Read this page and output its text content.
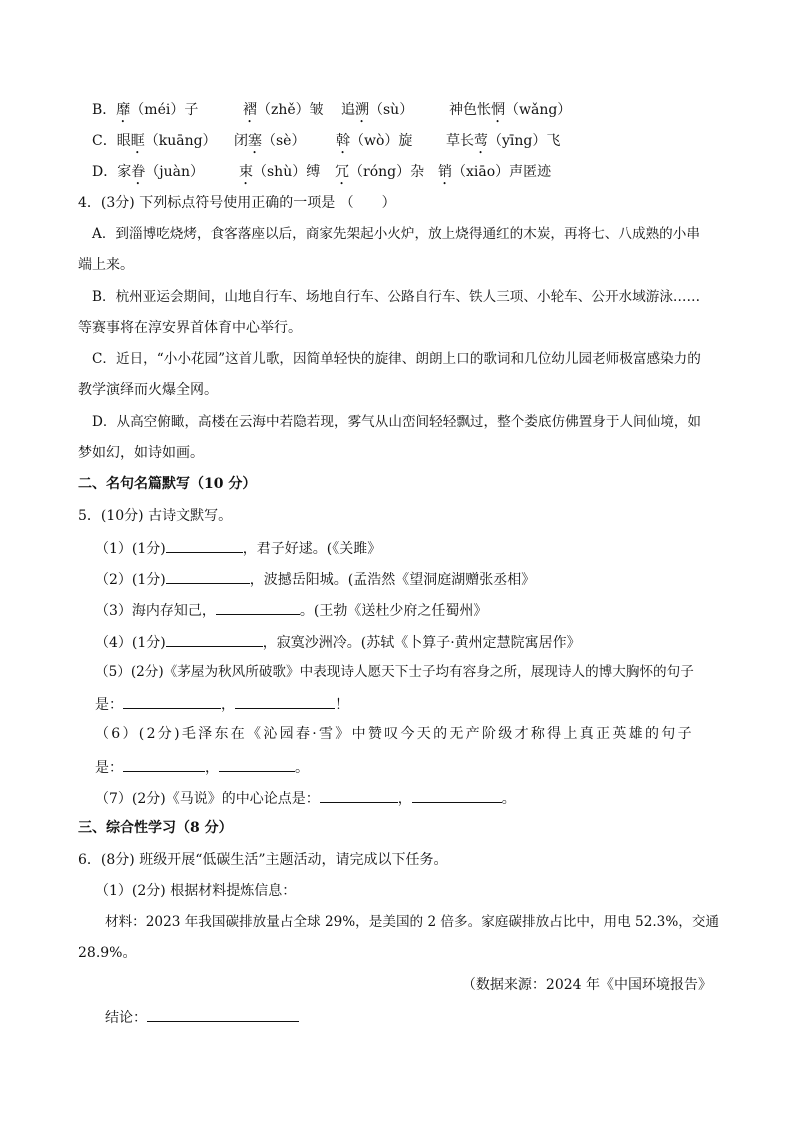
B．靡（méi）子	褶（zhě）皱 追溯（sù）	神色怅惘（wǎng）
C．眼眶（kuāng） 闭塞（sè） 斡（wò）旋 草长莺（yīng）飞
D．家眷（juàn）	束（shù）缚 冗（róng）杂 销（xiāo）声匿迹
4．(3分) 下列标点符号使用正确的一项是 （　　）
A．到淄博吃烧烤，食客落座以后，商家先架起小火炉，放上烧得通红的木炭，再将七、八成熟的小串
端上来。
B．杭州亚运会期间，山地自行车、场地自行车、公路自行车、铁人三项、小轮车、公开水域游泳……
等赛事将在淳安界首体育中心举行。
C．近日，“小小花园”这首儿歌，因简单轻快的旋律、朗朗上口的歌词和几位幼儿园老师极富感染力的
教学演绎而火爆全网。
D．从高空俯瞰，高楼在云海中若隐若现，雾气从山峦间轻轻飘过，整个娄底仿佛置身于人间仙境，如
梦如幻，如诗如画。
二、名句名篇默写（10 分）
5．(10分) 古诗文默写。
（1）(1分)	，君子好逑。(《关雎》
（2）(1分)	，波撼岳阳城。(孟浩然《望洞庭湖赠张丞相》
（3）海内存知己，	。(王勃《送杜少府之任蜀州》
（4）(1分)	，寂寞沙洲冷。(苏轼《卜算子·黄州定慧院寓居作》
（5）(2分)《茅屋为秋风所破歌》中表现诗人愿天下士子均有容身之所，展现诗人的博大胸怀的句子
是：	，	！
（6）(2分)毛泽东在《沁园春·雪》中赞叹今天的无产阶级才称得上真正英雄的句子
是：	，	。
（7）(2分)《马说》的中心论点是：	，	。
三、综合性学习（8 分）
6．(8分) 班级开展“低碳生活”主题活动，请完成以下任务。
（1）(2分) 根据材料提炼信息：
材料：2023 年我国碳排放量占全球 29%，是美国的 2 倍多。家庭碳排放占比中，用电 52.3%，交通
28.9%。
（数据来源：2024 年《中国环境报告》
结论：
